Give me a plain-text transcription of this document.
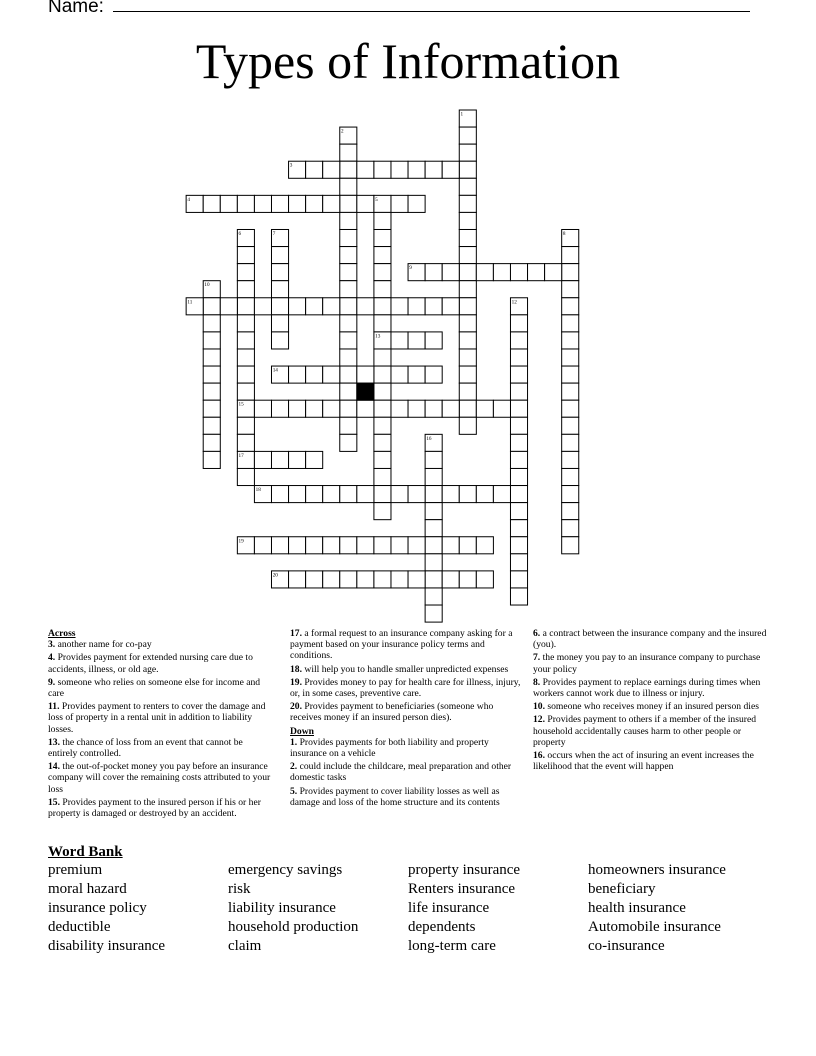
Name:
Types of Information
1
2
3
4	5
6	7	8
9
10
11	12
13
14
15
16
17
18
19
20
Across
3. another name for co-pay
4. Provides payment for extended nursing care due to accidents, illness, or old age.
9. someone who relies on someone else for income and care
11. Provides payment to renters to cover the damage and loss of property in a rental unit in addition to liability losses.
13. the chance of loss from an event that cannot be entirely controlled.
14. the out-of-pocket money you pay before an insurance company will cover the remaining costs attributed to your loss
15. Provides payment to the insured person if his or her property is damaged or destroyed by an accident.
17. a formal request to an insurance company asking for a payment based on your insurance policy terms and conditions.
18. will help you to handle smaller unpredicted expenses
19. Provides money to pay for health care for illness, injury, or, in some cases, preventive care.
20. Provides payment to beneficiaries (someone who receives money if an insured person dies).
Down
1. Provides payments for both liability and property insurance on a vehicle
2. could include the childcare, meal preparation and other domestic tasks
5. Provides payment to cover liability losses as well as damage and loss of the home structure and its contents
6. a contract between the insurance company and the insured (you).
7. the money you pay to an insurance company to purchase your policy
8. Provides payment to replace earnings during times when workers cannot work due to illness or injury.
10. someone who receives money if an insured person dies
12. Provides payment to others if a member of the insured household accidentally causes harm to other people or property
16. occurs when the act of insuring an event increases the likelihood that the event will happen
Word Bank
premium	emergency savings	property insurance	homeowners insurance
moral hazard	risk	Renters insurance	beneficiary
insurance policy	liability insurance	life insurance	health insurance
deductible	household production	dependents	Automobile insurance
disability insurance	claim	long-term care	co-insurance
